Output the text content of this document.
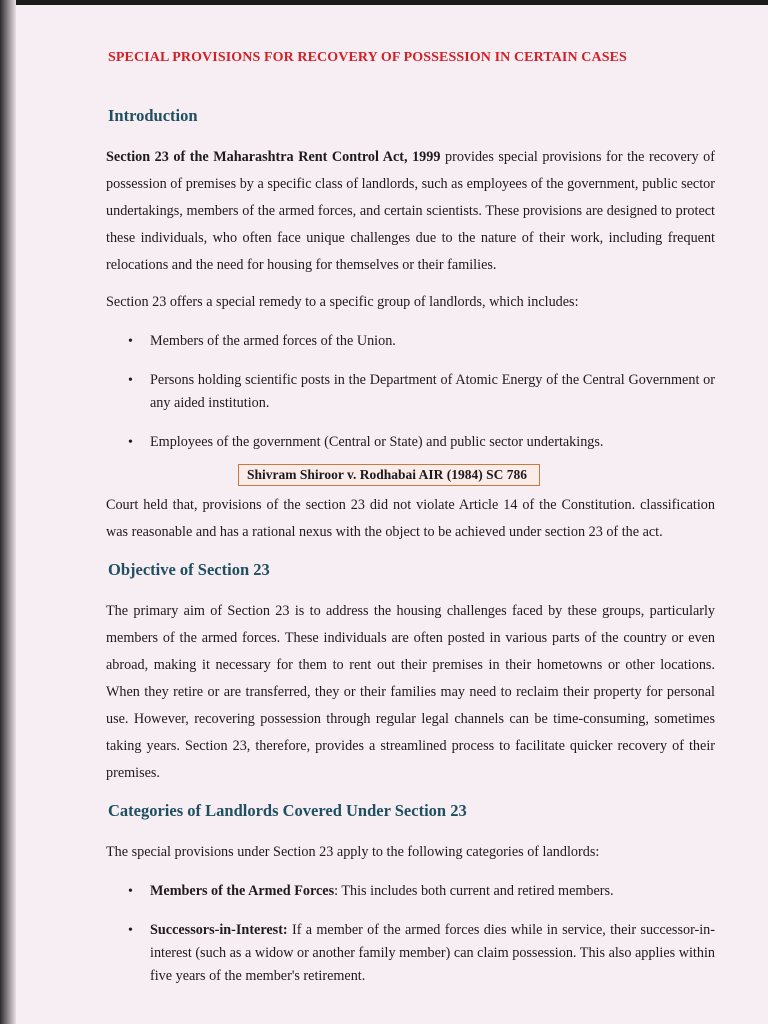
SPECIAL PROVISIONS FOR RECOVERY OF POSSESSION IN CERTAIN CASES
Introduction

Section 23 of the Maharashtra Rent Control Act, 1999 provides special provisions for the recovery of possession of premises by a specific class of landlords, such as employees of the government, public sector undertakings, members of the armed forces, and certain scientists. These provisions are designed to protect these individuals, who often face unique challenges due to the nature of their work, including frequent relocations and the need for housing for themselves or their families.

Section 23 offers a special remedy to a specific group of landlords, which includes:

• Members of the armed forces of the Union.
• Persons holding scientific posts in the Department of Atomic Energy of the Central Government or any aided institution.
• Employees of the government (Central or State) and public sector undertakings.
Shivram Shiroor v. Rodhabai AIR (1984) SC 786

Court held that, provisions of the section 23 did not violate Article 14 of the Constitution. classification was reasonable and has a rational nexus with the object to be achieved under section 23 of the act.

Objective of Section 23

The primary aim of Section 23 is to address the housing challenges faced by these groups, particularly members of the armed forces. These individuals are often posted in various parts of the country or even abroad, making it necessary for them to rent out their premises in their hometowns or other locations. When they retire or are transferred, they or their families may need to reclaim their property for personal use. However, recovering possession through regular legal channels can be time-consuming, sometimes taking years. Section 23, therefore, provides a streamlined process to facilitate quicker recovery of their premises.

Categories of Landlords Covered Under Section 23

The special provisions under Section 23 apply to the following categories of landlords:

• Members of the Armed Forces: This includes both current and retired members.
• Successors-in-Interest: If a member of the armed forces dies while in service, their successor-in-interest (such as a widow or another family member) can claim possession. This also applies within five years of the member's retirement.
